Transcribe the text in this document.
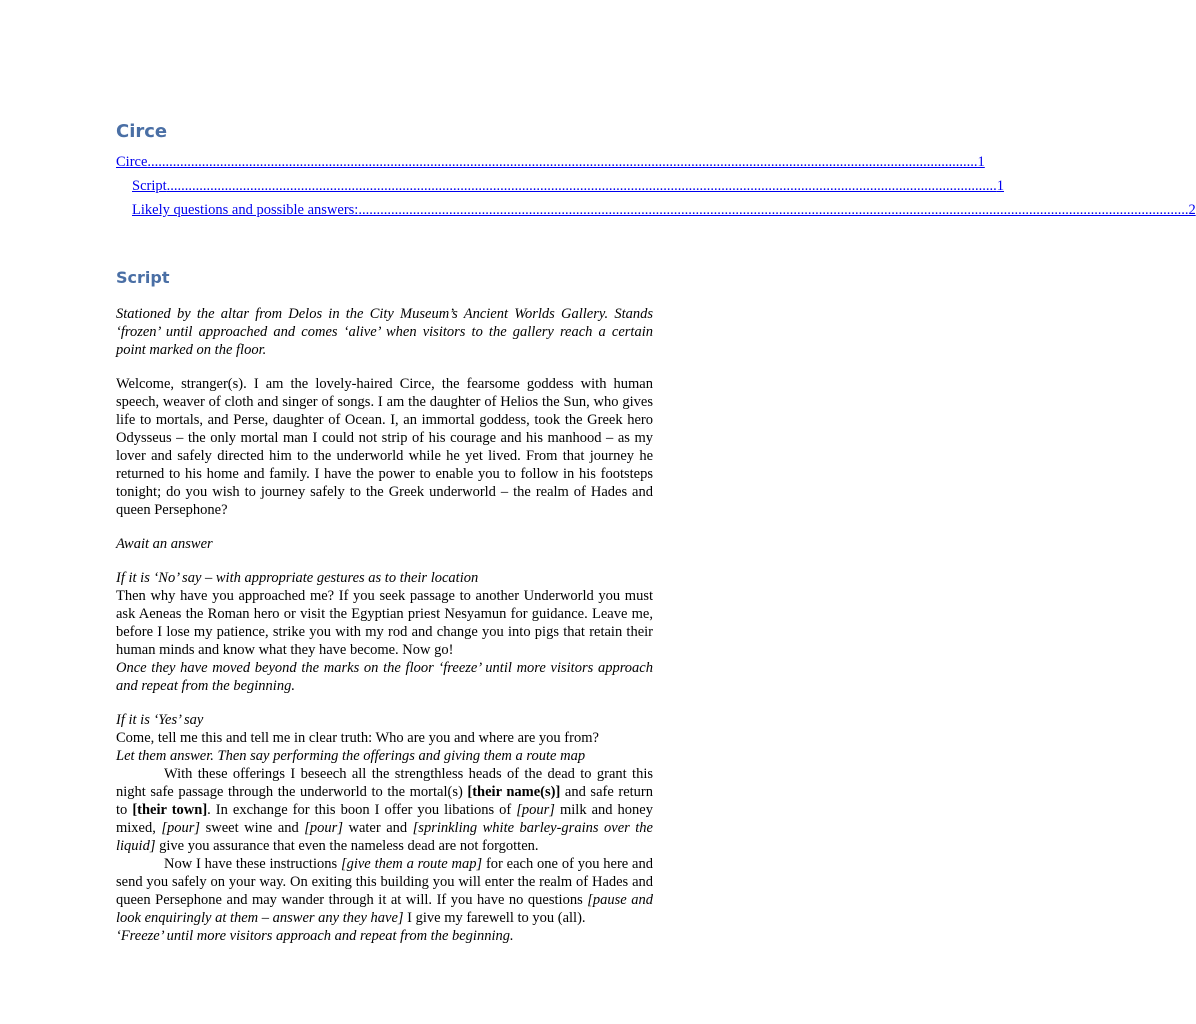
Circe
Circe ..................................................................................................................................................................................................................................... 1
Script ..................................................................................................................................................................................................................................... 1
Likely questions and possible answers: ..................................................................................................................................................................................................................................... 2
Script

Stationed by the altar from Delos in the City Museum’s Ancient Worlds Gallery. Stands ‘frozen’ until approached and comes ‘alive’ when visitors to the gallery reach a certain point marked on the floor.

Welcome, stranger(s). I am the lovely-haired Circe, the fearsome goddess with human speech, weaver of cloth and singer of songs. I am the daughter of Helios the Sun, who gives life to mortals, and Perse, daughter of Ocean. I, an immortal goddess, took the Greek hero Odysseus – the only mortal man I could not strip of his courage and his manhood – as my lover and safely directed him to the underworld while he yet lived. From that journey he returned to his home and family. I have the power to enable you to follow in his footsteps tonight; do you wish to journey safely to the Greek underworld – the realm of Hades and queen Persephone?

Await an answer

If it is ‘No’ say – with appropriate gestures as to their location

Then why have you approached me? If you seek passage to another Underworld you must ask Aeneas the Roman hero or visit the Egyptian priest Nesyamun for guidance. Leave me, before I lose my patience, strike you with my rod and change you into pigs that retain their human minds and know what they have become. Now go!

Once they have moved beyond the marks on the floor ‘freeze’ until more visitors approach and repeat from the beginning.

If it is ‘Yes’ say

Come, tell me this and tell me in clear truth: Who are you and where are you from?

Let them answer. Then say performing the offerings and giving them a route map

With these offerings I beseech all the strengthless heads of the dead to grant this night safe passage through the underworld to the mortal(s) [their name(s)] and safe return to [their town]. In exchange for this boon I offer you libations of [pour] milk and honey mixed, [pour] sweet wine and [pour] water and [sprinkling white barley-grains over the liquid] give you assurance that even the nameless dead are not forgotten.

Now I have these instructions [give them a route map] for each one of you here and send you safely on your way. On exiting this building you will enter the realm of Hades and queen Persephone and may wander through it at will. If you have no questions [pause and look enquiringly at them – answer any they have] I give my farewell to you (all).

‘Freeze’ until more visitors approach and repeat from the beginning.
